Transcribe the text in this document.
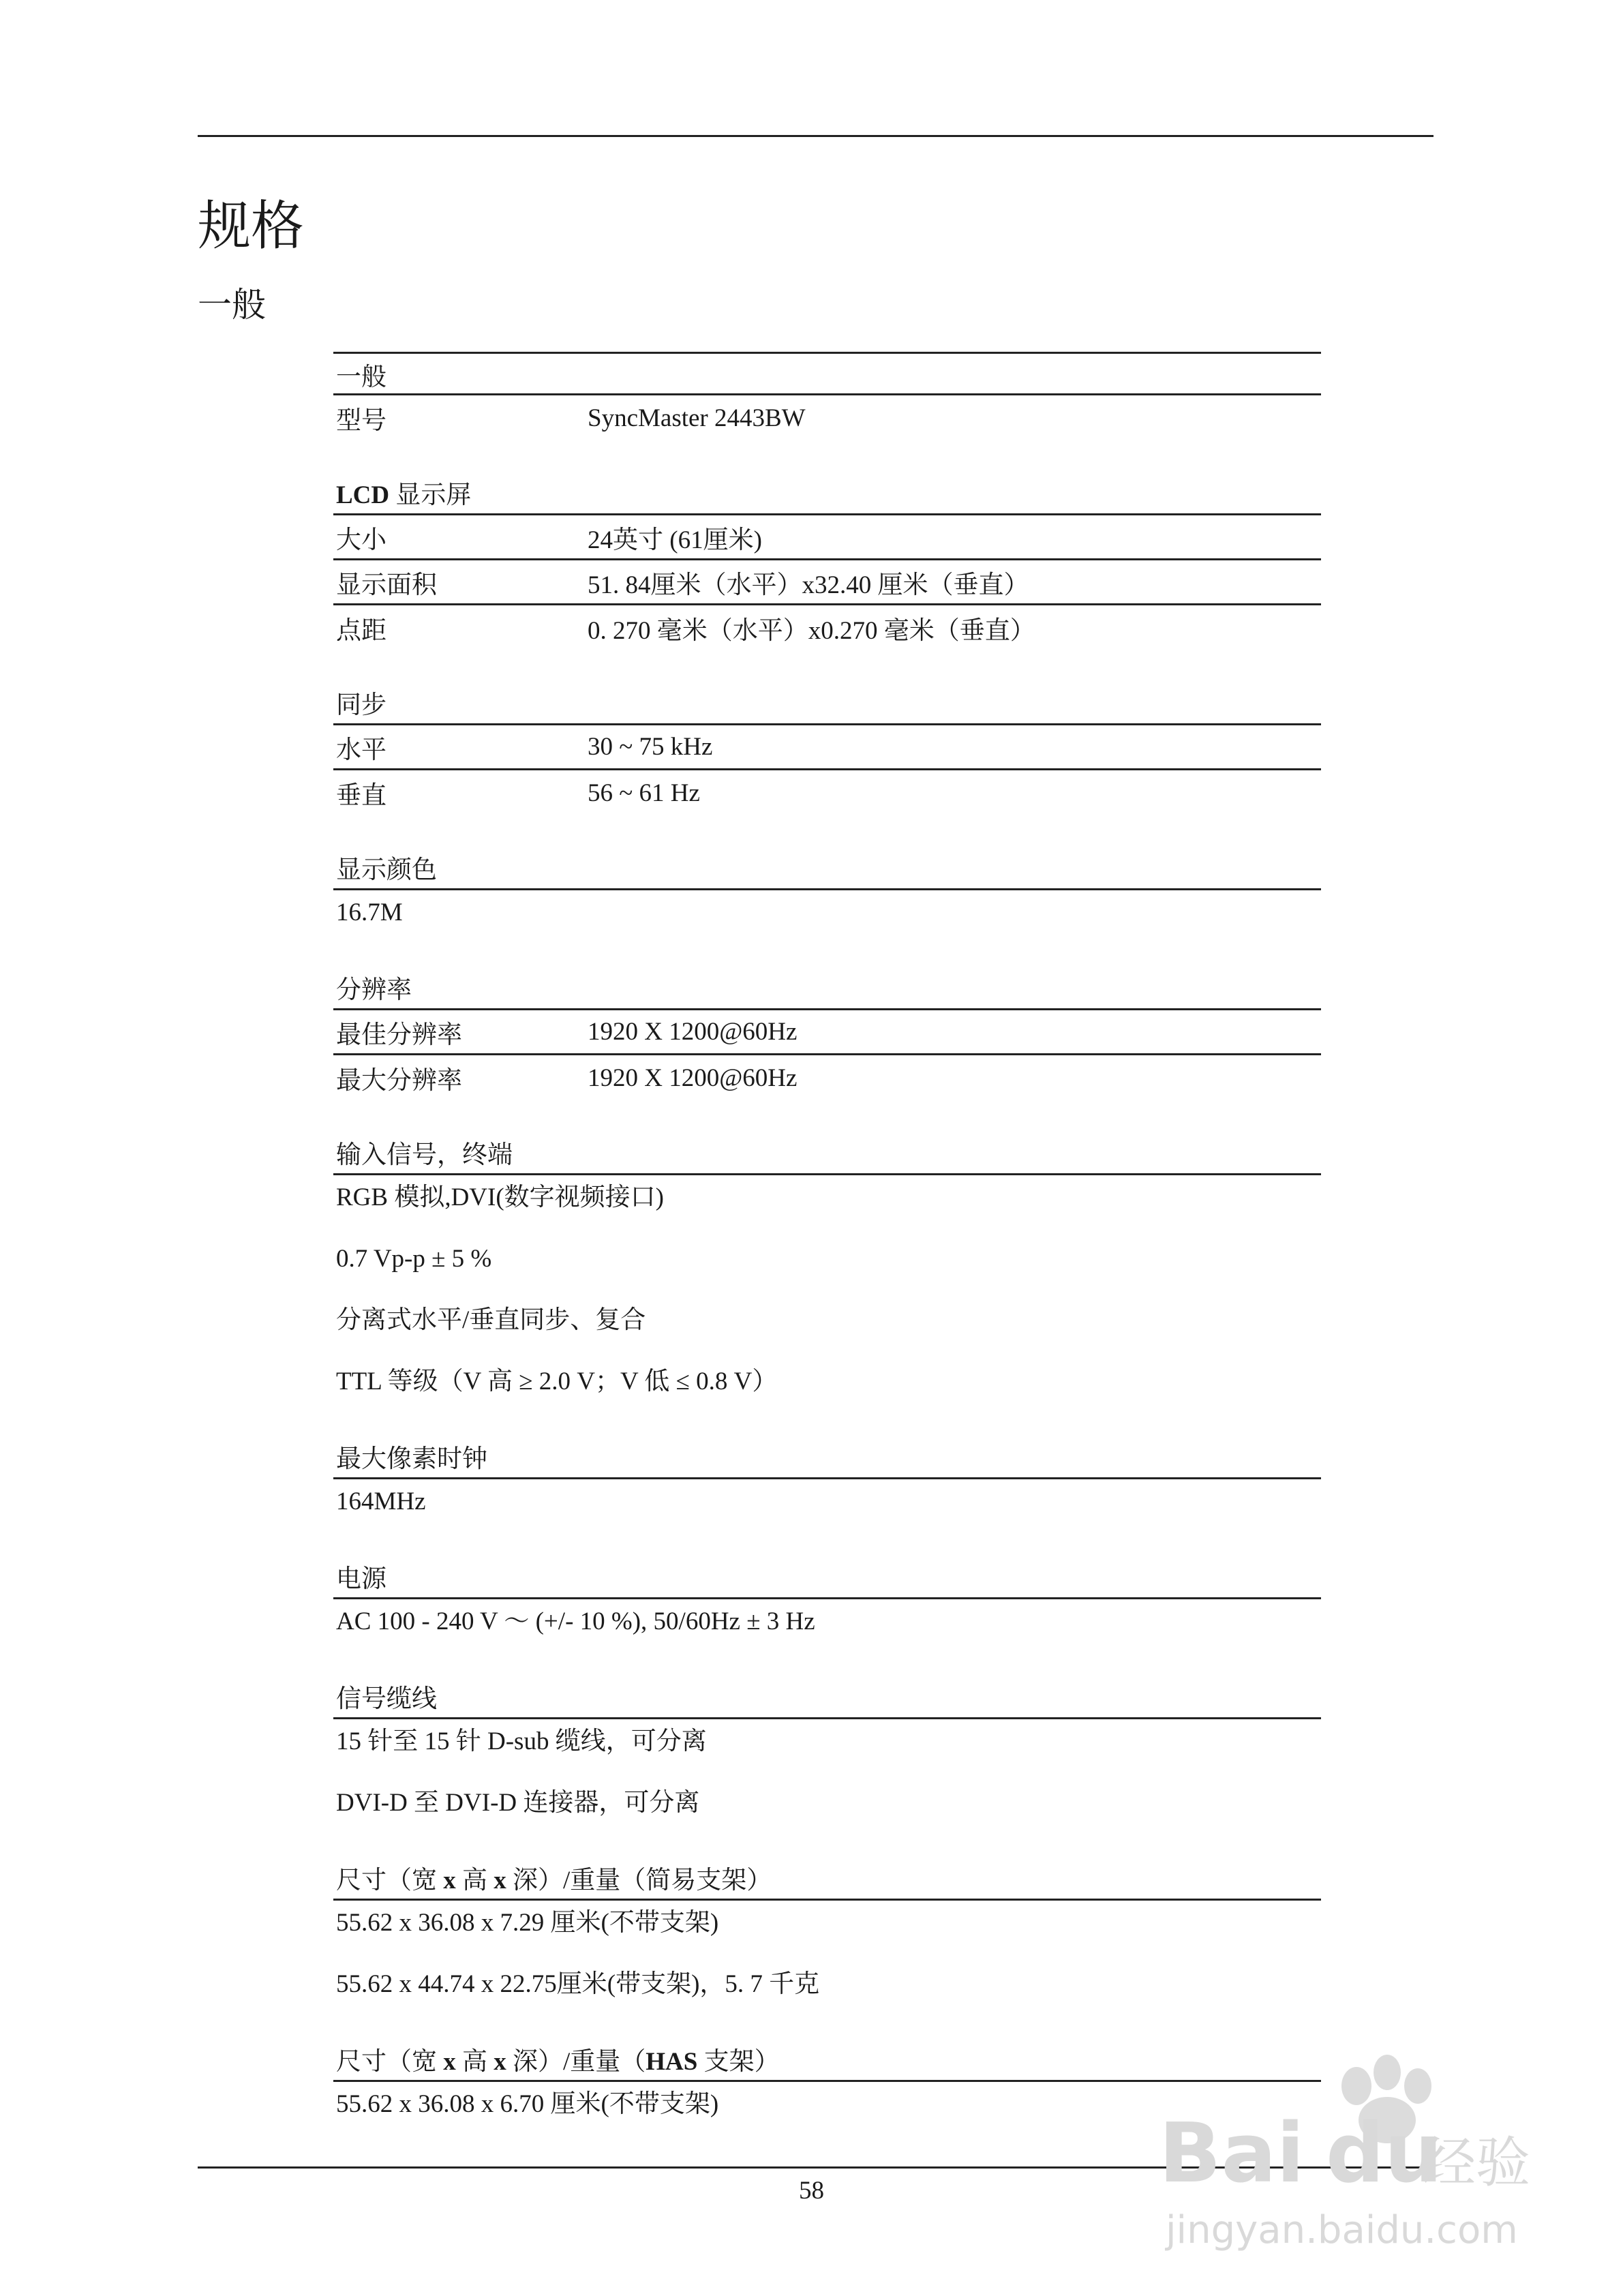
规格
一般
一般
型号	SyncMaster 2443BW
LCD 显示屏
大小	24英寸 (61厘米)
显示面积	51. 84厘米（水平）x32.40 厘米（垂直）
点距	0. 270 毫米（水平）x0.270 毫米（垂直）
同步
水平	30 ~ 75 kHz
垂直	56 ~ 61 Hz
显示颜色
16.7M
分辨率
最佳分辨率	1920 X 1200@60Hz
最大分辨率	1920 X 1200@60Hz
输入信号，终端
RGB 模拟,DVI(数字视频接口)
0.7 Vp-p ± 5 %
分离式水平/垂直同步、复合
TTL 等级（V 高 ≥ 2.0 V；V 低 ≤ 0.8 V）
最大像素时钟
164MHz
电源
AC 100 - 240 V ～ (+/- 10 %), 50/60Hz ± 3 Hz
信号缆线
15 针至 15 针 D-sub 缆线，可分离
DVI-D 至 DVI-D 连接器，可分离
尺寸（宽 x 高 x 深）/重量（简易支架）
55.62 x 36.08 x 7.29 厘米(不带支架)
55.62 x 44.74 x 22.75厘米(带支架)，5. 7 千克
尺寸（宽 x 高 x 深）/重量（HAS 支架）
55.62 x 36.08 x 6.70 厘米(不带支架)
58	Bai du
经验
jingyan.baidu.com
